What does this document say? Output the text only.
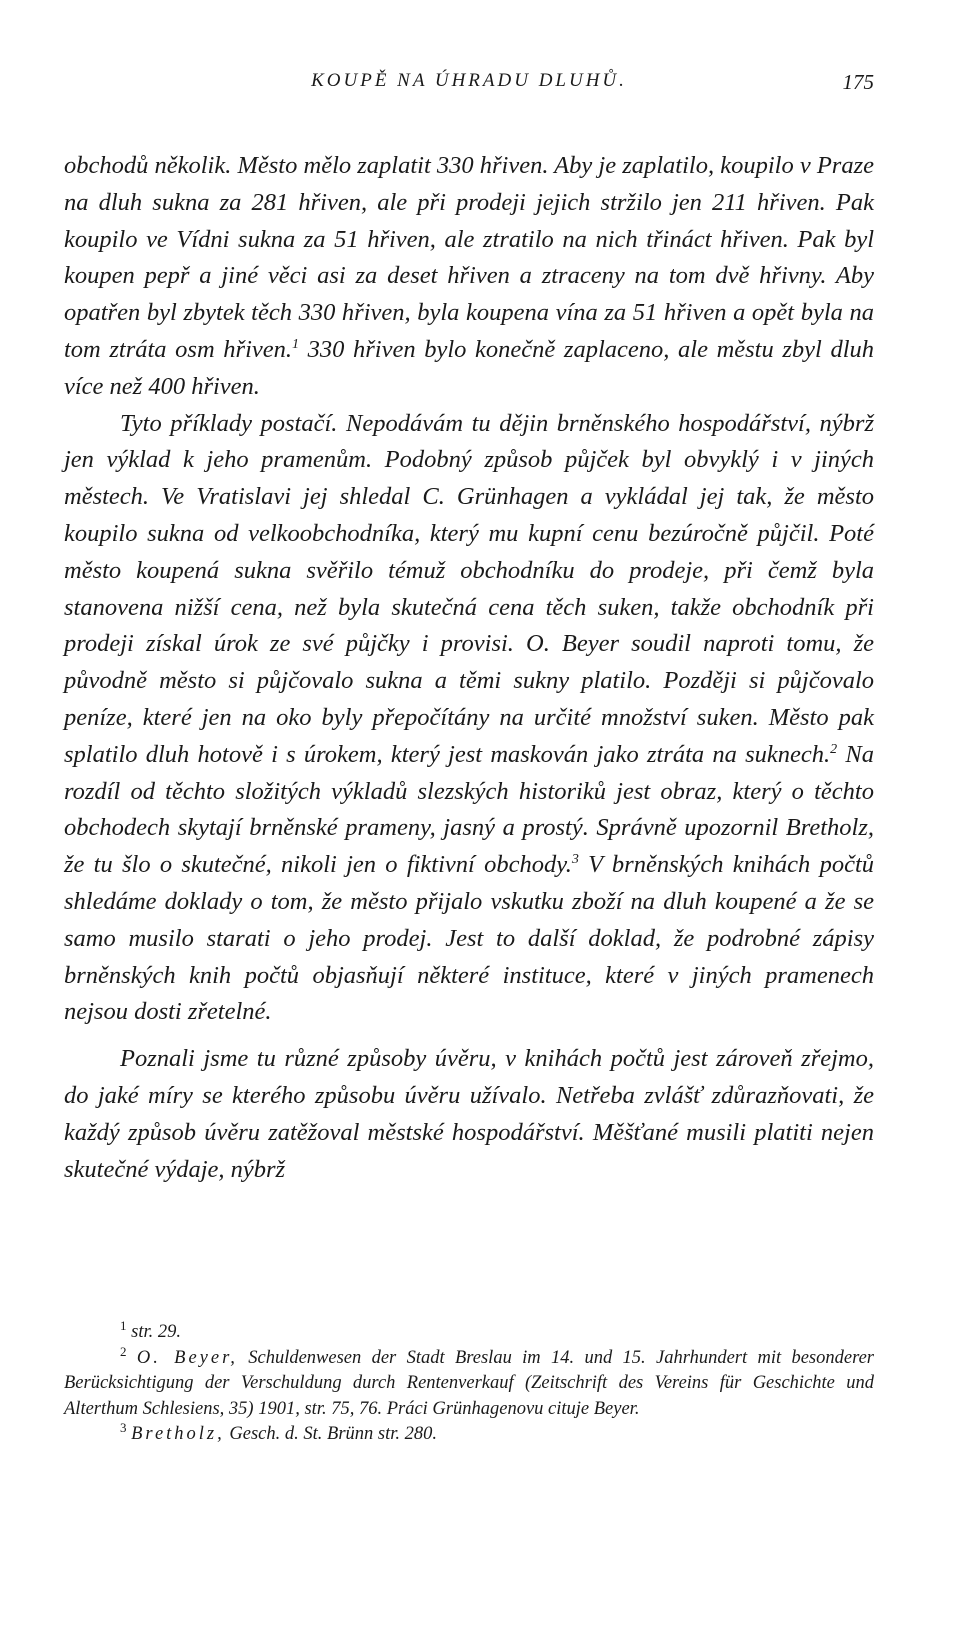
KOUPĚ NA ÚHRADU DLUHŮ.	175

obchodů několik. Město mělo zaplatit 330 hřiven. Aby je zaplatilo, koupilo v Praze na dluh sukna za 281 hřiven, ale při prodeji jejich stržilo jen 211 hřiven. Pak koupilo ve Vídni sukna za 51 hřiven, ale ztratilo na nich třináct hřiven. Pak byl koupen pepř a jiné věci asi za deset hřiven a ztraceny na tom dvě hřivny. Aby opatřen byl zbytek těch 330 hřiven, byla koupena vína za 51 hřiven a opět byla na tom ztráta osm hřiven.$^1$ 330 hřiven bylo konečně zaplaceno, ale městu zbyl dluh více než 400 hřiven.

Tyto příklady postačí. Nepodávám tu dějin brněnského hospodářství, nýbrž jen výklad k jeho pramenům. Podobný způsob půjček byl obvyklý i v jiných městech. Ve Vratislavi jej shledal C. Grünhagen a vykládal jej tak, že město koupilo sukna od velkoobchodníka, který mu kupní cenu bezúročně půjčil. Poté město koupená sukna svěřilo témuž obchodníku do prodeje, při čemž byla stanovena nižší cena, než byla skutečná cena těch suken, takže obchodník při prodeji získal úrok ze své půjčky i provisi. O. Beyer soudil naproti tomu, že původně město si půjčovalo sukna a těmi sukny platilo. Později si půjčovalo peníze, které jen na oko byly přepočítány na určité množství suken. Město pak splatilo dluh hotově i s úrokem, který jest maskován jako ztráta na suknech.$^2$ Na rozdíl od těchto složitých výkladů slezských historiků jest obraz, který o těchto obchodech skytají brněnské prameny, jasný a prostý. Správně upozornil Bretholz, že tu šlo o skutečné, nikoli jen o fiktivní obchody.$^3$ V brněnských knihách počtů shledáme doklady o tom, že město přijalo vskutku zboží na dluh koupené a že se samo musilo starati o jeho prodej. Jest to další doklad, že podrobné zápisy brněnských knih počtů objasňují některé instituce, které v jiných pramenech nejsou dosti zřetelné.

Poznali jsme tu různé způsoby úvěru, v knihách počtů jest zároveň zřejmo, do jaké míry se kterého způsobu úvěru užívalo. Netřeba zvlášť zdůrazňovati, že každý způsob úvěru zatěžoval městské hospodářství. Měšťané musili platiti nejen skutečné výdaje, nýbrž

$^1$ str. 29.

$^2$ O. Beyer, Schuldenwesen der Stadt Breslau im 14. und 15. Jahrhundert mit besonderer Berücksichtigung der Verschuldung durch Rentenverkauf (Zeitschrift des Vereins für Geschichte und Alterthum Schlesiens, 35) 1901, str. 75, 76. Práci Grünhagenovu cituje Beyer.

$^3$ Bretholz, Gesch. d. St. Brünn str. 280.
